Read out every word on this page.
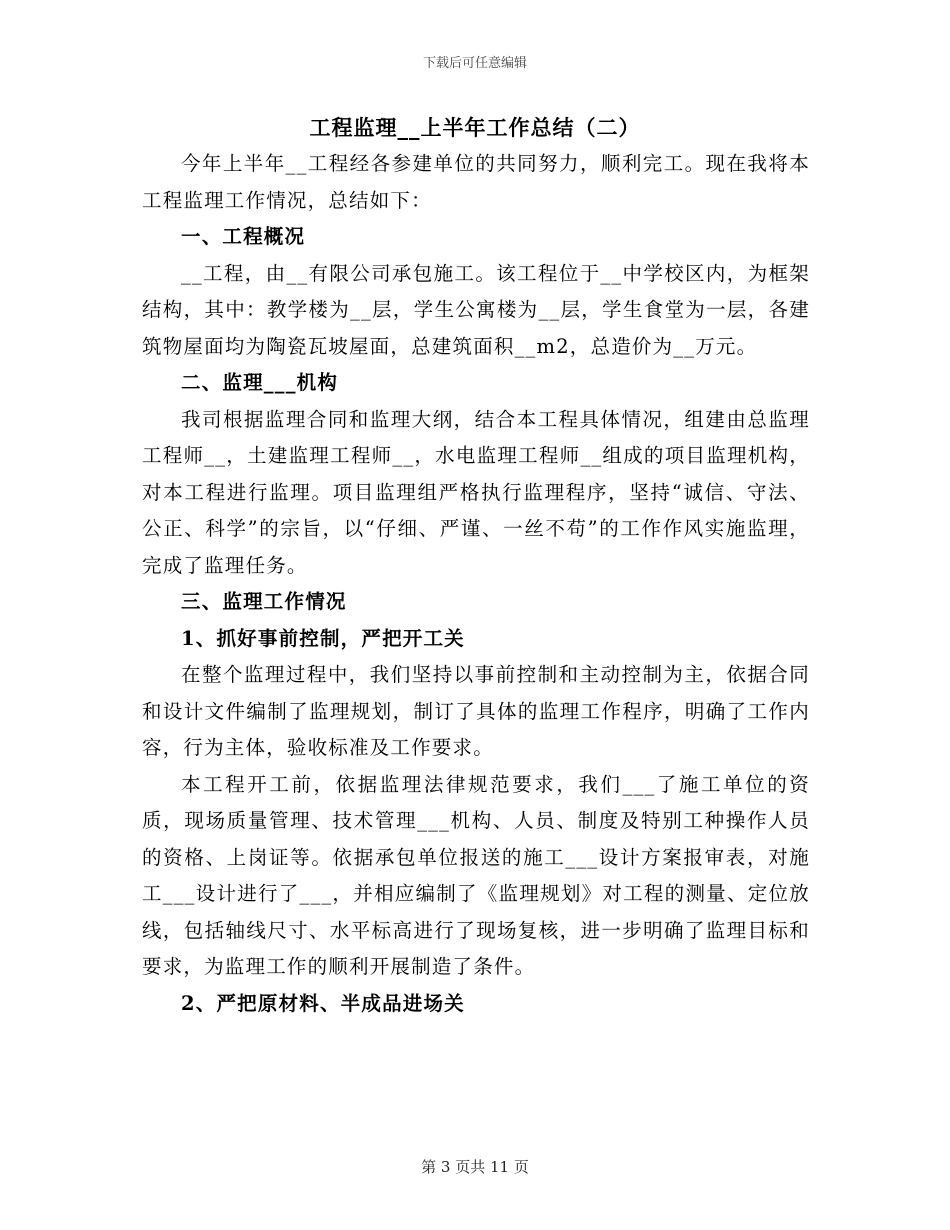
下载后可任意编辑
工程监理__上半年工作总结（二）

今年上半年__工程经各参建单位的共同努力，顺利完工。现在我将本工程监理工作情况，总结如下：

一、工程概况

__工程，由__有限公司承包施工。该工程位于__中学校区内，为框架结构，其中：教学楼为__层，学生公寓楼为__层，学生食堂为一层，各建筑物屋面均为陶瓷瓦坡屋面，总建筑面积__m2，总造价为__万元。

二、监理___机构

我司根据监理合同和监理大纲，结合本工程具体情况，组建由总监理工程师__，土建监理工程师__，水电监理工程师__组成的项目监理机构，对本工程进行监理。项目监理组严格执行监理程序，坚持“诚信、守法、公正、科学”的宗旨，以“仔细、严谨、一丝不苟”的工作作风实施监理，完成了监理任务。

三、监理工作情况

1、抓好事前控制，严把开工关

在整个监理过程中，我们坚持以事前控制和主动控制为主，依据合同和设计文件编制了监理规划，制订了具体的监理工作程序，明确了工作内容，行为主体，验收标准及工作要求。

本工程开工前，依据监理法律规范要求，我们___了施工单位的资质，现场质量管理、技术管理___机构、人员、制度及特别工种操作人员的资格、上岗证等。依据承包单位报送的施工___设计方案报审表，对施工___设计进行了___，并相应编制了《监理规划》对工程的测量、定位放线，包括轴线尺寸、水平标高进行了现场复核，进一步明确了监理目标和要求，为监理工作的顺利开展制造了条件。

2、严把原材料、半成品进场关

第 3 页共 11 页
